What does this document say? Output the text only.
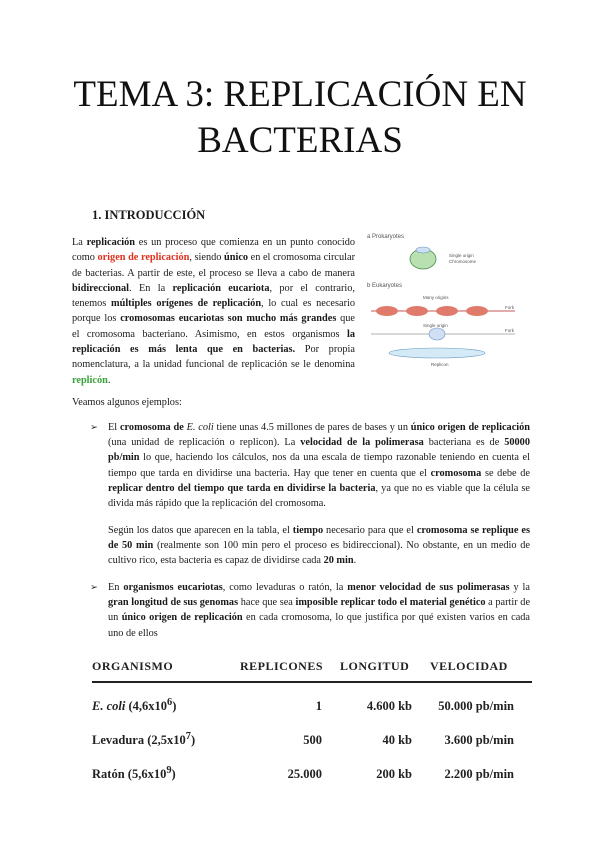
TEMA 3: REPLICACIÓN EN
BACTERIAS
1. INTRODUCCIÓN

La replicación es un proceso que comienza en un punto conocido como origen de replicación, siendo único en el cromosoma circular de bacterias. A partir de este, el proceso se lleva a cabo de manera bidireccional. En la replicación eucariota, por el contrario, tenemos múltiples orígenes de replicación, lo cual es necesario porque los cromosomas eucariotas son mucho más grandes que el cromosoma bacteriano. Asimismo, en estos organismos la replicación es más lenta que en bacterias. Por propia nomenclatura, a la unidad funcional de replicación se le denomina replicón.

a Prokaryotes
Single origin
Chromosome
b Eukaryotes
Many origins
Fork
Single origin
Fork
Replicon

Veamos algunos ejemplos:

➢ El cromosoma de E. coli tiene unas 4.5 millones de pares de bases y un único origen de replicación (una unidad de replicación o replicon). La velocidad de la polimerasa bacteriana es de 50000 pb/min lo que, haciendo los cálculos, nos da una escala de tiempo razonable teniendo en cuenta el tiempo que tarda en dividirse una bacteria. Hay que tener en cuenta que el cromosoma se debe de replicar dentro del tiempo que tarda en dividirse la bacteria, ya que no es viable que la célula se divida más rápido que la replicación del cromosoma.

Según los datos que aparecen en la tabla, el tiempo necesario para que el cromosoma se replique es de 50 min (realmente son 100 min pero el proceso es bidireccional). No obstante, en un medio de cultivo rico, esta bacteria es capaz de dividirse cada 20 min.

➢ En organismos eucariotas, como levaduras o ratón, la menor velocidad de sus polimerasas y la gran longitud de sus genomas hace que sea imposible replicar todo el material genético a partir de un único origen de replicación en cada cromosoma, lo que justifica por qué existen varios en cada uno de ellos

ORGANISMO	REPLICONES	LONGITUD	VELOCIDAD
E. coli $(4,6x10^6)$	1	4.600 kb	50.000 pb/min
Levadura $(2,5x10^7)$	500	40 kb	3.600 pb/min
Ratón $(5,6x10^9)$	25.000	200 kb	2.200 pb/min
